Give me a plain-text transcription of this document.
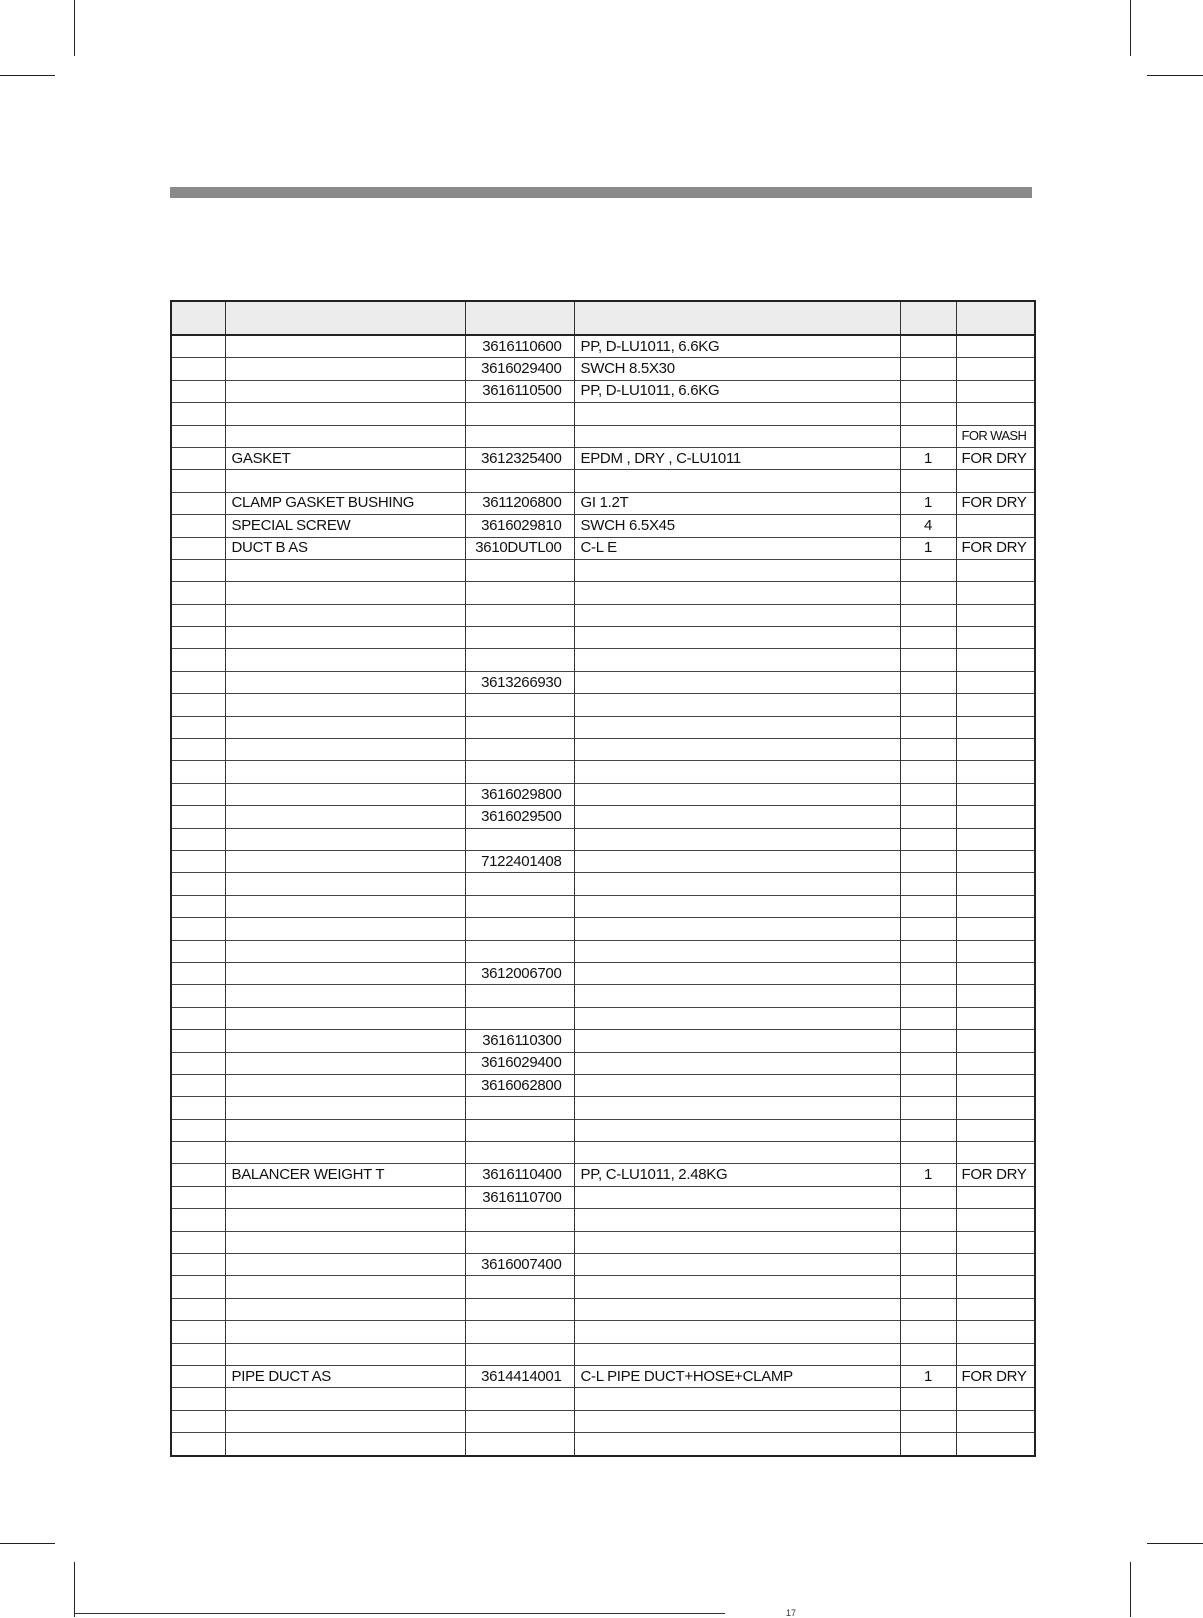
		3616110600	PP, D-LU1011, 6.6KG		
		3616029400	SWCH 8.5X30		
		3616110500	PP, D-LU1011, 6.6KG		

					FOR WASH
	GASKET	3612325400	EPDM , DRY , C-LU1011	1	FOR DRY

	CLAMP GASKET BUSHING	3611206800	GI 1.2T	1	FOR DRY
	SPECIAL SCREW	3616029810	SWCH 6.5X45	4	
	DUCT B AS	3610DUTL00	C-L E	1	FOR DRY

		3613266930			

		3616029800			
		3616029500			

		7122401408			

		3612006700			

		3616110300			
		3616029400			
		3616062800			

	BALANCER WEIGHT T	3616110400	PP, C-LU1011, 2.48KG	1	FOR DRY
		3616110700			

		3616007400			

	PIPE DUCT AS	3614414001	C-L PIPE DUCT+HOSE+CLAMP	1	FOR DRY

17
